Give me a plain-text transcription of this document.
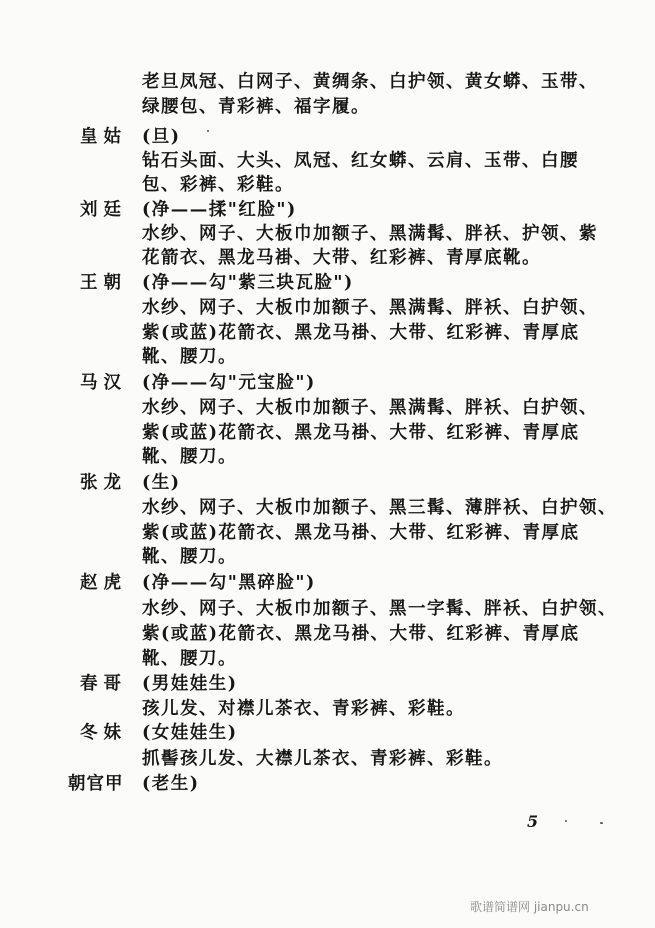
老旦凤冠、白网子、黄绸条、白护领、黄女蟒、玉带、
绿腰包、青彩裤、福字履。
皇姑 (旦)
钻石头面、大头、凤冠、红女蟒、云肩、玉带、白腰
包、彩裤、彩鞋。
刘廷 (净——揉"红脸")
水纱、网子、大板巾加额子、黑满髯、胖袄、护领、紫
花箭衣、黑龙马褂、大带、红彩裤、青厚底靴。
王朝 (净——勾"紫三块瓦脸")
水纱、网子、大板巾加额子、黑满髯、胖袄、白护领、
紫(或蓝)花箭衣、黑龙马褂、大带、红彩裤、青厚底
靴、腰刀。
马汉 (净——勾"元宝脸")
水纱、网子、大板巾加额子、黑满髯、胖袄、白护领、
紫(或蓝)花箭衣、黑龙马褂、大带、红彩裤、青厚底
靴、腰刀。
张龙 (生)
水纱、网子、大板巾加额子、黑三髯、薄胖袄、白护领、
紫(或蓝)花箭衣、黑龙马褂、大带、红彩裤、青厚底
靴、腰刀。
赵虎 (净——勾"黑碎脸")
水纱、网子、大板巾加额子、黑一字髯、胖袄、白护领、
紫(或蓝)花箭衣、黑龙马褂、大带、红彩裤、青厚底
靴、腰刀。
春哥 (男娃娃生)
孩儿发、对襟儿茶衣、青彩裤、彩鞋。
冬妹 (女娃娃生)
抓髻孩儿发、大襟儿茶衣、青彩裤、彩鞋。
朝官甲 (老生)
5
歌谱简谱网 jianpu.cn
